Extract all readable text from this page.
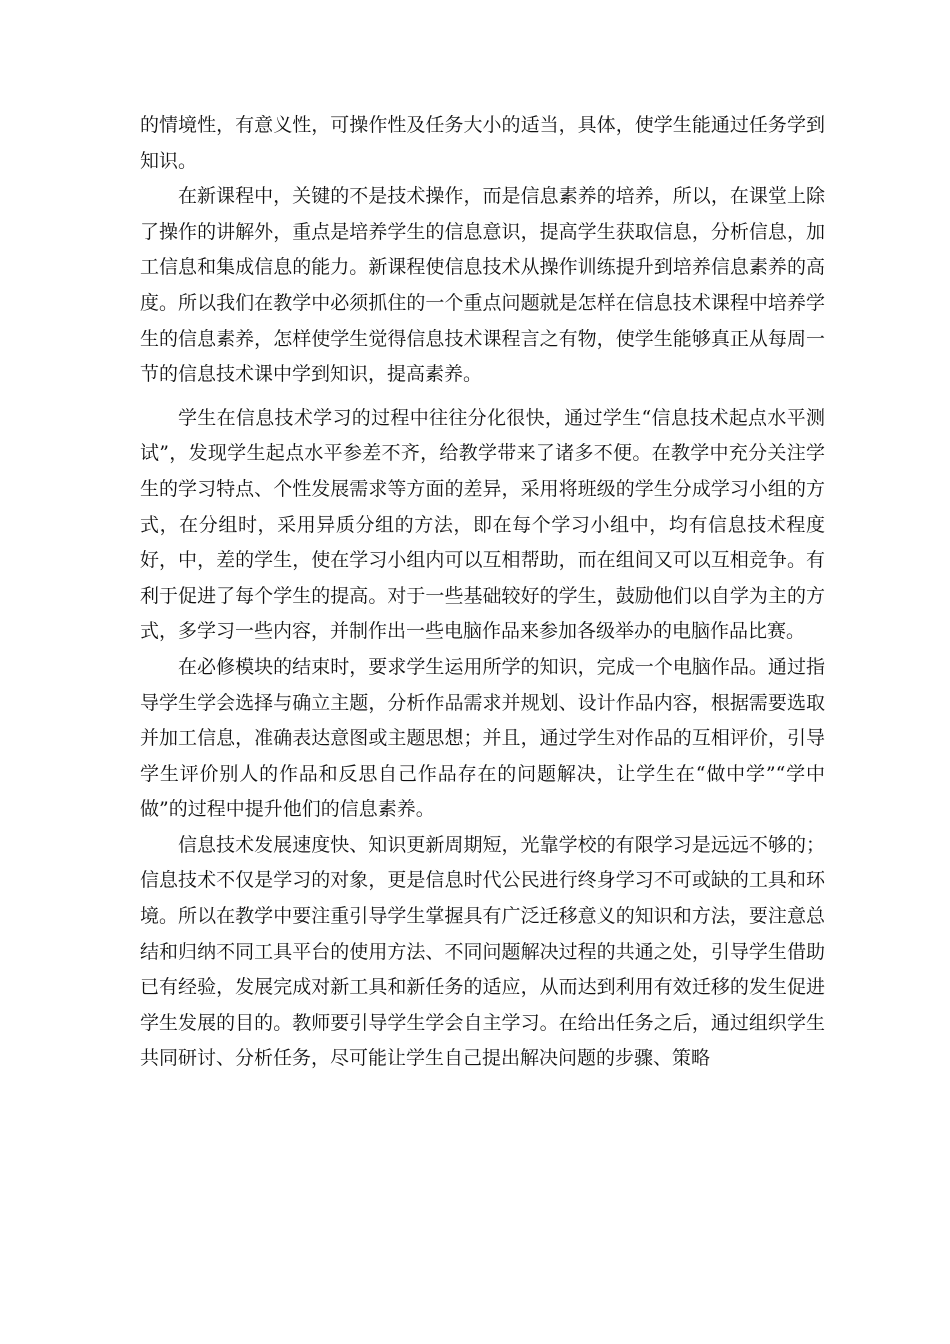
的情境性，有意义性，可操作性及任务大小的适当，具体，使学生能通过任务学到知识。

在新课程中，关键的不是技术操作，而是信息素养的培养，所以，在课堂上除了操作的讲解外，重点是培养学生的信息意识，提高学生获取信息，分析信息，加工信息和集成信息的能力。新课程使信息技术从操作训练提升到培养信息素养的高度。所以我们在教学中必须抓住的一个重点问题就是怎样在信息技术课程中培养学生的信息素养，怎样使学生觉得信息技术课程言之有物，使学生能够真正从每周一节的信息技术课中学到知识，提高素养。

学生在信息技术学习的过程中往往分化很快，通过学生“信息技术起点水平测试”，发现学生起点水平参差不齐，给教学带来了诸多不便。在教学中充分关注学生的学习特点、个性发展需求等方面的差异，采用将班级的学生分成学习小组的方式，在分组时，采用异质分组的方法，即在每个学习小组中，均有信息技术程度好，中，差的学生，使在学习小组内可以互相帮助，而在组间又可以互相竞争。有利于促进了每个学生的提高。对于一些基础较好的学生，鼓励他们以自学为主的方式，多学习一些内容，并制作出一些电脑作品来参加各级举办的电脑作品比赛。

在必修模块的结束时，要求学生运用所学的知识，完成一个电脑作品。通过指导学生学会选择与确立主题，分析作品需求并规划、设计作品内容，根据需要选取并加工信息，准确表达意图或主题思想；并且，通过学生对作品的互相评价，引导学生评价别人的作品和反思自己作品存在的问题解决，让学生在“做中学”“学中做”的过程中提升他们的信息素养。

信息技术发展速度快、知识更新周期短，光靠学校的有限学习是远远不够的；信息技术不仅是学习的对象，更是信息时代公民进行终身学习不可或缺的工具和环境。所以在教学中要注重引导学生掌握具有广泛迁移意义的知识和方法，要注意总结和归纳不同工具平台的使用方法、不同问题解决过程的共通之处，引导学生借助已有经验，发展完成对新工具和新任务的适应，从而达到利用有效迁移的发生促进学生发展的目的。教师要引导学生学会自主学习。在给出任务之后，通过组织学生共同研讨、分析任务，尽可能让学生自己提出解决问题的步骤、策略
